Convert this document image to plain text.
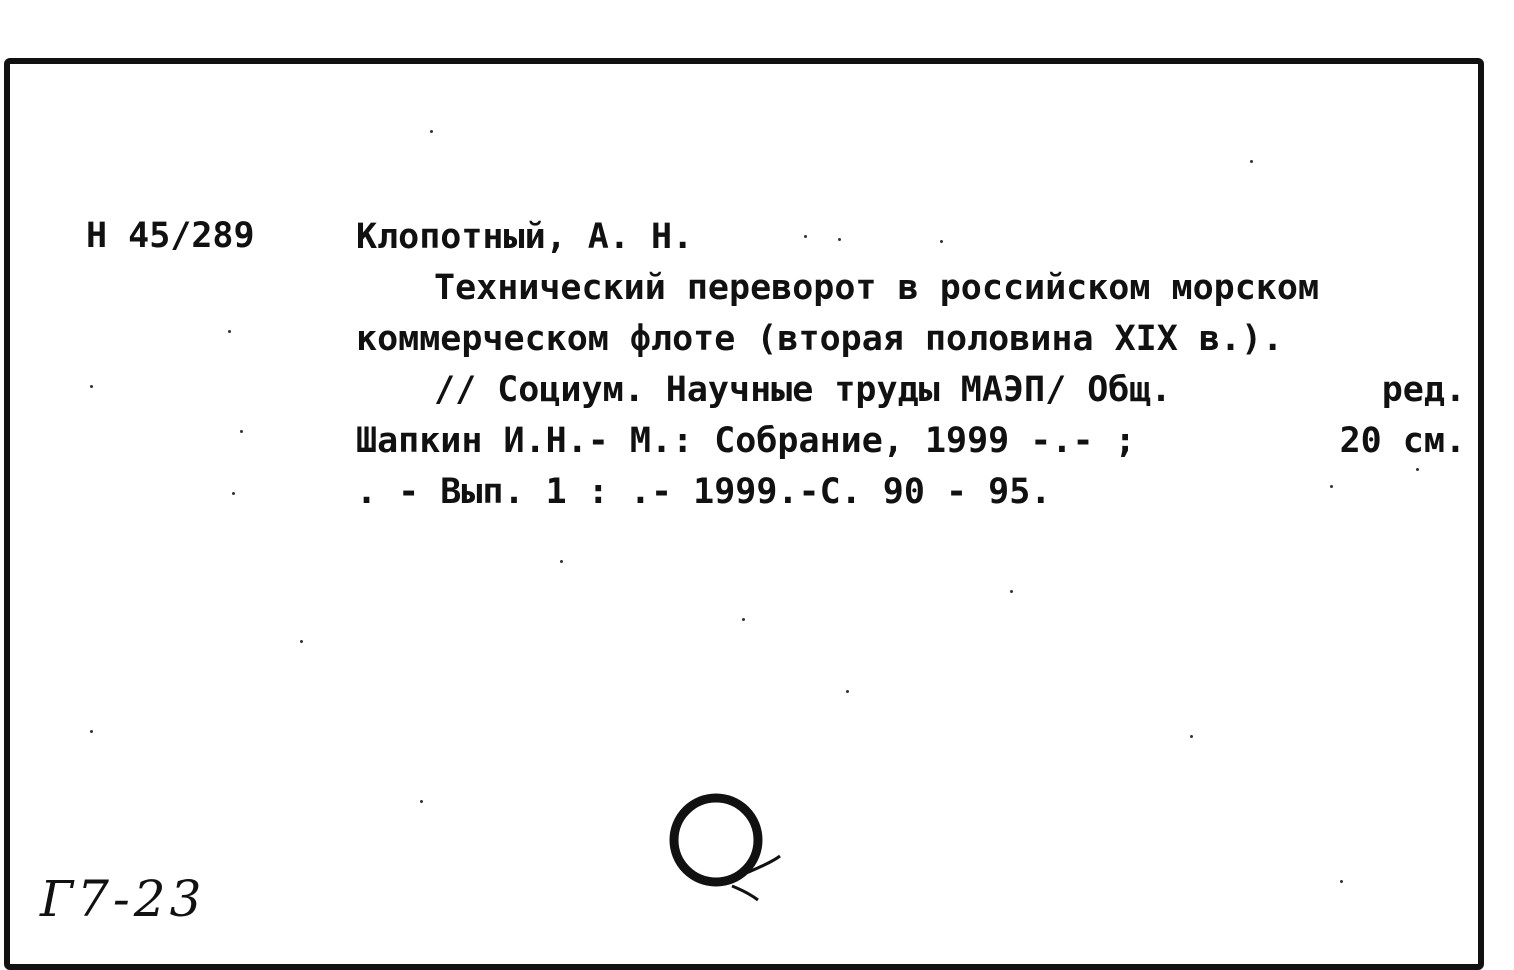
Н 45/289	Клопотный, А. Н.
Технический переворот в российском морском
коммерческом флоте (вторая половина XIX в.).
// Социум. Научные труды МАЭП/ Общ.	ред.
Шапкин И.Н.- М.: Собрание, 1999 -.- ;	20 см.
. - Вып. 1 : .- 1999.-С. 90 - 95.
Г7-23
